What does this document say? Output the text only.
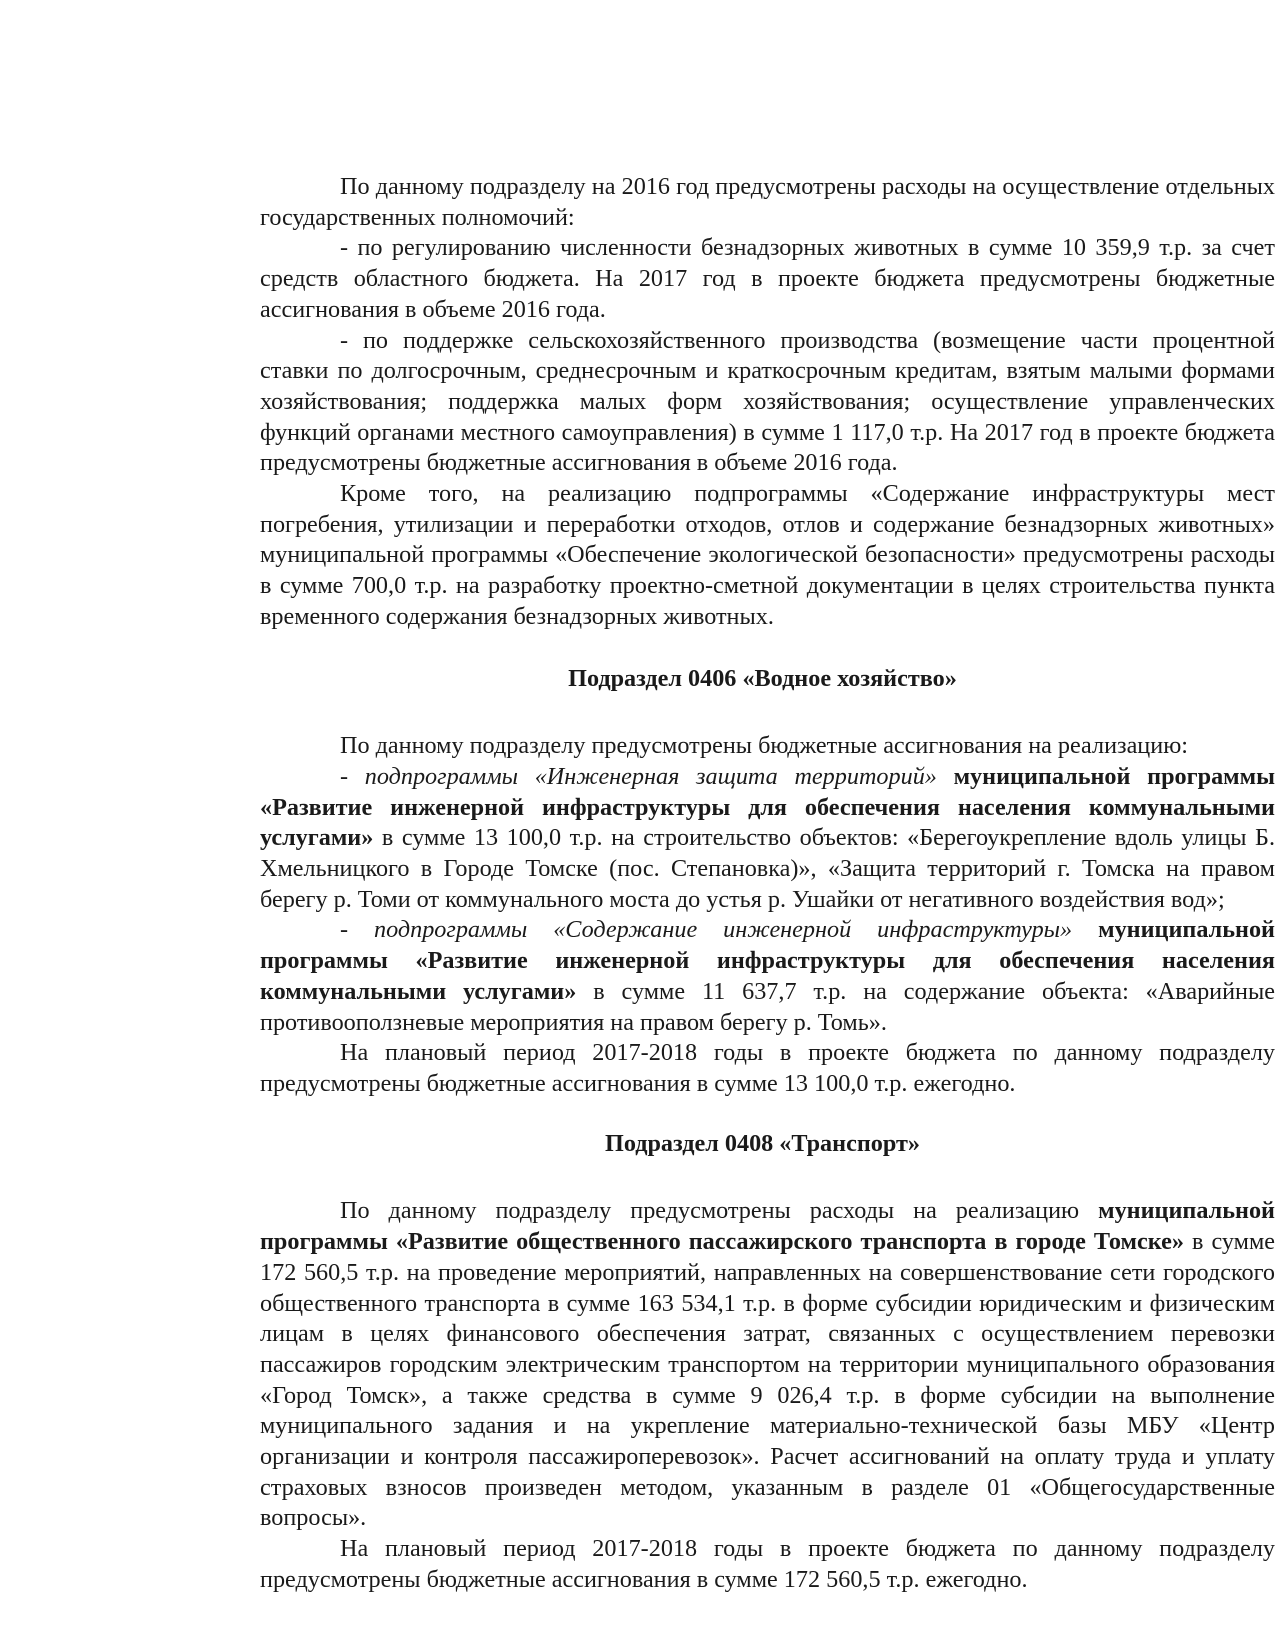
По данному подразделу на 2016 год предусмотрены расходы на осуществление отдельных государственных полномочий:

- по регулированию численности безнадзорных животных в сумме 10 359,9 т.р. за счет средств областного бюджета. На 2017 год в проекте бюджета предусмотрены бюджетные ассигнования в объеме 2016 года.

- по поддержке сельскохозяйственного производства (возмещение части процентной ставки по долгосрочным, среднесрочным и краткосрочным кредитам, взятым малыми формами хозяйствования; поддержка малых форм хозяйствования; осуществление управленческих функций органами местного самоуправления) в сумме 1 117,0 т.р. На 2017 год в проекте бюджета предусмотрены бюджетные ассигнования в объеме 2016 года.

Кроме того, на реализацию подпрограммы «Содержание инфраструктуры мест погребения, утилизации и переработки отходов, отлов и содержание безнадзорных животных» муниципальной программы «Обеспечение экологической безопасности» предусмотрены расходы в сумме 700,0 т.р. на разработку проектно-сметной документации в целях строительства пункта временного содержания безнадзорных животных.

Подраздел 0406 «Водное хозяйство»

По данному подразделу предусмотрены бюджетные ассигнования на реализацию:

- подпрограммы «Инженерная защита территорий» муниципальной программы «Развитие инженерной инфраструктуры для обеспечения населения коммунальными услугами» в сумме 13 100,0 т.р. на строительство объектов: «Берегоукрепление вдоль улицы Б. Хмельницкого в Городе Томске (пос. Степановка)», «Защита территорий г. Томска на правом берегу р. Томи от коммунального моста до устья р. Ушайки от негативного воздействия вод»;

- подпрограммы «Содержание инженерной инфраструктуры» муниципальной программы «Развитие инженерной инфраструктуры для обеспечения населения коммунальными услугами» в сумме 11 637,7 т.р. на содержание объекта: «Аварийные противооползневые мероприятия на правом берегу р. Томь».

На плановый период 2017-2018 годы в проекте бюджета по данному подразделу предусмотрены бюджетные ассигнования в сумме 13 100,0 т.р. ежегодно.

Подраздел 0408 «Транспорт»

По данному подразделу предусмотрены расходы на реализацию муниципальной программы «Развитие общественного пассажирского транспорта в городе Томске» в сумме 172 560,5 т.р. на проведение мероприятий, направленных на совершенствование сети городского общественного транспорта в сумме 163 534,1 т.р. в форме субсидии юридическим и физическим лицам в целях финансового обеспечения затрат, связанных с осуществлением перевозки пассажиров городским электрическим транспортом на территории муниципального образования «Город Томск», а также средства в сумме 9 026,4 т.р. в форме субсидии на выполнение муниципального задания и на укрепление материально-технической базы МБУ «Центр организации и контроля пассажироперевозок». Расчет ассигнований на оплату труда и уплату страховых взносов произведен методом, указанным в разделе 01 «Общегосударственные вопросы».

На плановый период 2017-2018 годы в проекте бюджета по данному подразделу предусмотрены бюджетные ассигнования в сумме 172 560,5 т.р. ежегодно.
